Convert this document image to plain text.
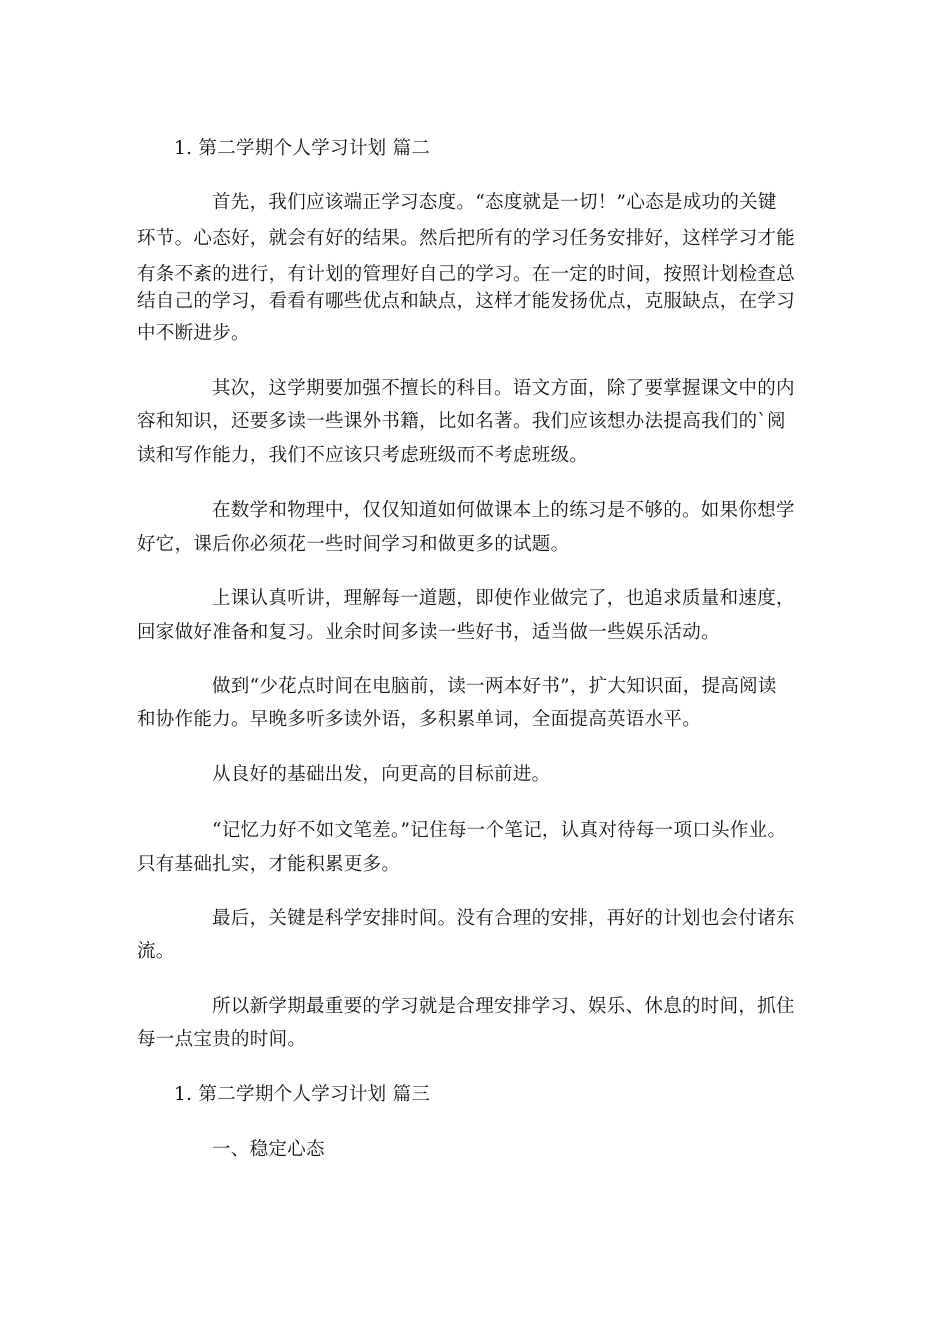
1. 第二学期个人学习计划 篇二

首先，我们应该端正学习态度。“态度就是一切！”心态是成功的关键

环节。心态好，就会有好的结果。然后把所有的学习任务安排好，这样学习才能

有条不紊的进行，有计划的管理好自己的学习。在一定的时间，按照计划检查总

结自己的学习，看看有哪些优点和缺点，这样才能发扬优点，克服缺点，在学习

中不断进步。

其次，这学期要加强不擅长的科目。语文方面，除了要掌握课文中的内

容和知识，还要多读一些课外书籍，比如名著。我们应该想办法提高我们的`阅

读和写作能力，我们不应该只考虑班级而不考虑班级。

在数学和物理中，仅仅知道如何做课本上的练习是不够的。如果你想学

好它，课后你必须花一些时间学习和做更多的试题。

上课认真听讲，理解每一道题，即使作业做完了，也追求质量和速度，

回家做好准备和复习。业余时间多读一些好书，适当做一些娱乐活动。

做到“少花点时间在电脑前，读一两本好书”，扩大知识面，提高阅读

和协作能力。早晚多听多读外语，多积累单词，全面提高英语水平。

从良好的基础出发，向更高的目标前进。

“记忆力好不如文笔差。”记住每一个笔记，认真对待每一项口头作业。

只有基础扎实，才能积累更多。

最后，关键是科学安排时间。没有合理的安排，再好的计划也会付诸东

流。

所以新学期最重要的学习就是合理安排学习、娱乐、休息的时间，抓住

每一点宝贵的时间。

1. 第二学期个人学习计划 篇三

一、稳定心态
